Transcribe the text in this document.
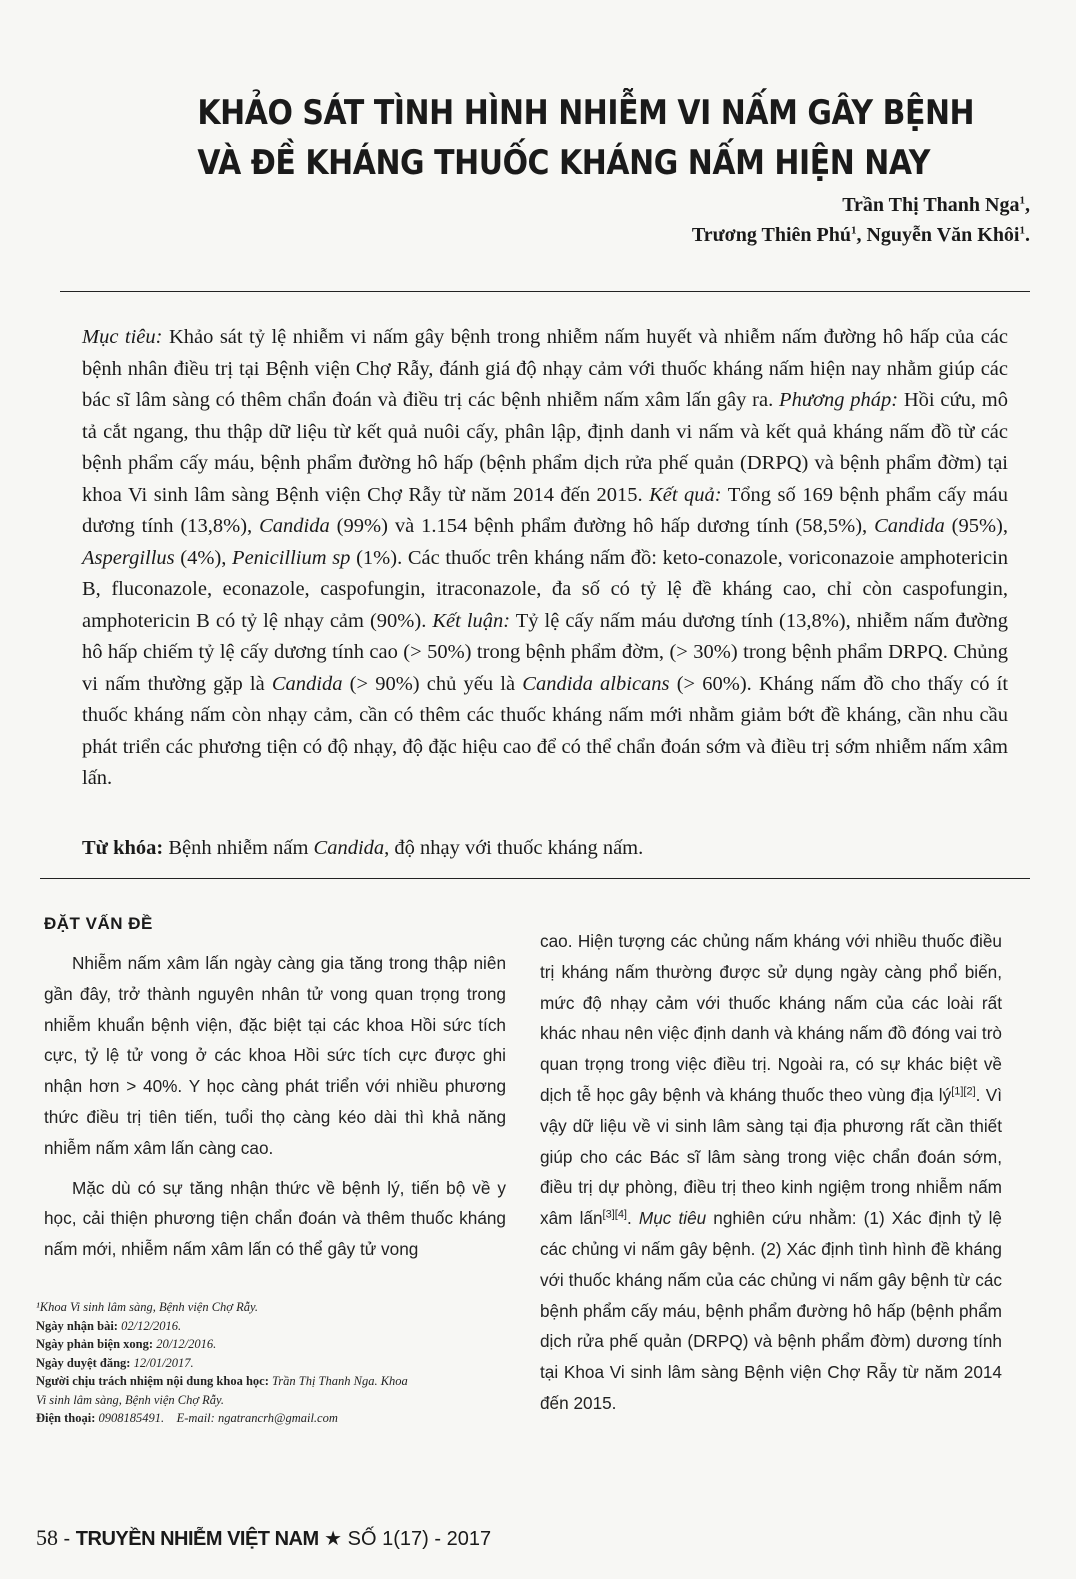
KHẢO SÁT TÌNH HÌNH NHIỄM VI NẤM GÂY BỆNH
VÀ ĐỀ KHÁNG THUỐC KHÁNG NẤM HIỆN NAY
Trần Thị Thanh Nga$^1$,
Trương Thiên Phú$^1$, Nguyễn Văn Khôi$^1$.
Mục tiêu: Khảo sát tỷ lệ nhiễm vi nấm gây bệnh trong nhiễm nấm huyết và nhiễm nấm đường hô hấp của các bệnh nhân điều trị tại Bệnh viện Chợ Rẫy, đánh giá độ nhạy cảm với thuốc kháng nấm hiện nay nhằm giúp các bác sĩ lâm sàng có thêm chẩn đoán và điều trị các bệnh nhiễm nấm xâm lấn gây ra. Phương pháp: Hồi cứu, mô tả cắt ngang, thu thập dữ liệu từ kết quả nuôi cấy, phân lập, định danh vi nấm và kết quả kháng nấm đồ từ các bệnh phẩm cấy máu, bệnh phẩm đường hô hấp (bệnh phẩm dịch rửa phế quản (DRPQ) và bệnh phẩm đờm) tại khoa Vi sinh lâm sàng Bệnh viện Chợ Rẫy từ năm 2014 đến 2015. Kết quả: Tổng số 169 bệnh phẩm cấy máu dương tính (13,8%), Candida (99%) và 1.154 bệnh phẩm đường hô hấp dương tính (58,5%), Candida (95%), Aspergillus (4%), Penicillium sp (1%). Các thuốc trên kháng nấm đồ: keto-conazole, voriconazoie amphotericin B, fluconazole, econazole, caspofungin, itraconazole, đa số có tỷ lệ đề kháng cao, chỉ còn caspofungin, amphotericin B có tỷ lệ nhạy cảm (90%). Kết luận: Tỷ lệ cấy nấm máu dương tính (13,8%), nhiễm nấm đường hô hấp chiếm tỷ lệ cấy dương tính cao (> 50%) trong bệnh phẩm đờm, (> 30%) trong bệnh phẩm DRPQ. Chủng vi nấm thường gặp là Candida (> 90%) chủ yếu là Candida albicans (> 60%). Kháng nấm đồ cho thấy có ít thuốc kháng nấm còn nhạy cảm, cần có thêm các thuốc kháng nấm mới nhằm giảm bớt đề kháng, cần nhu cầu phát triển các phương tiện có độ nhạy, độ đặc hiệu cao để có thể chẩn đoán sớm và điều trị sớm nhiễm nấm xâm lấn.
Từ khóa: Bệnh nhiễm nấm Candida, độ nhạy với thuốc kháng nấm.
ĐẶT VẤN ĐỀ

Nhiễm nấm xâm lấn ngày càng gia tăng trong thập niên gần đây, trở thành nguyên nhân tử vong quan trọng trong nhiễm khuẩn bệnh viện, đặc biệt tại các khoa Hồi sức tích cực, tỷ lệ tử vong ở các khoa Hồi sức tích cực được ghi nhận hơn > 40%. Y học càng phát triển với nhiều phương thức điều trị tiên tiến, tuổi thọ càng kéo dài thì khả năng nhiễm nấm xâm lấn càng cao.

Mặc dù có sự tăng nhận thức về bệnh lý, tiến bộ về y học, cải thiện phương tiện chẩn đoán và thêm thuốc kháng nấm mới, nhiễm nấm xâm lấn có thể gây tử vong

cao. Hiện tượng các chủng nấm kháng với nhiều thuốc điều trị kháng nấm thường được sử dụng ngày càng phổ biến, mức độ nhạy cảm với thuốc kháng nấm của các loài rất khác nhau nên việc định danh và kháng nấm đồ đóng vai trò quan trọng trong việc điều trị. Ngoài ra, có sự khác biệt về dịch tễ học gây bệnh và kháng thuốc theo vùng địa lý[1][2]. Vì vậy dữ liệu về vi sinh lâm sàng tại địa phương rất cần thiết giúp cho các Bác sĩ lâm sàng trong việc chẩn đoán sớm, điều trị dự phòng, điều trị theo kinh ngiệm trong nhiễm nấm xâm lấn[3][4]. Mục tiêu nghiên cứu nhằm: (1) Xác định tỷ lệ các chủng vi nấm gây bệnh. (2) Xác định tình hình đề kháng với thuốc kháng nấm của các chủng vi nấm gây bệnh từ các bệnh phẩm cấy máu, bệnh phẩm đường hô hấp (bệnh phẩm dịch rửa phế quản (DRPQ) và bệnh phẩm đờm) dương tính tại Khoa Vi sinh lâm sàng Bệnh viện Chợ Rẫy từ năm 2014 đến 2015.

¹Khoa Vi sinh lâm sàng, Bệnh viện Chợ Rẫy.
Ngày nhận bài: 02/12/2016.
Ngày phản biện xong: 20/12/2016.
Ngày duyệt đăng: 12/01/2017.
Người chịu trách nhiệm nội dung khoa học: Trần Thị Thanh Nga. Khoa
Vi sinh lâm sàng, Bệnh viện Chợ Rẫy.
Điện thoại: 0908185491. E-mail: ngatrancrh@gmail.com
58 - TRUYỀN NHIỄM VIỆT NAM ★ SỐ 1(17) - 2017
